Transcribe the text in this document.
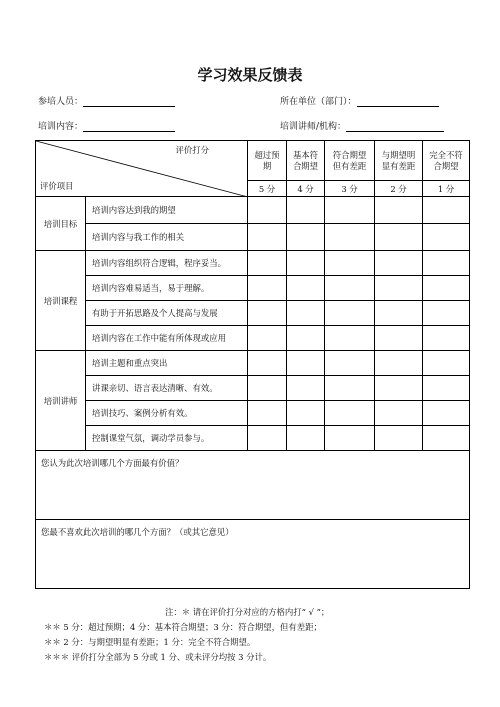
学习效果反馈表
参培人员：	所在单位（部门）：
培训内容：	培训讲师/机构：
评价打分
评价项目		超过预期	基本符合期望	符合期望但有差距	与期望明显有差距	完全不符合期望
		5 分	4 分	3 分	2 分	1 分
培训目标	培训内容达到我的期望					
	培训内容与我工作的相关					
培训课程	培训内容组织符合逻辑，程序妥当。					
	培训内容难易适当，易于理解。					
	有助于开拓思路及个人提高与发展					
	培训内容在工作中能有所体现或应用					
培训讲师	培训主题和重点突出					
	讲课亲切、语言表达清晰、有效。					
	培训技巧、案例分析有效。					
	控制课堂气氛，调动学员参与。					
您认为此次培训哪几个方面最有价值？						
您最不喜欢此次培训的哪几个方面？（或其它意见）						
注：＊ 请在评价打分对应的方格内打“ √ ”；
＊＊ 5 分：超过预期；4 分：基本符合期望；3 分：符合期望，但有差距；
＊＊ 2 分：与期望明显有差距；1 分：完全不符合期望。
＊＊＊ 评价打分全部为 5 分或 1 分、或未评分均按 3 分计。
